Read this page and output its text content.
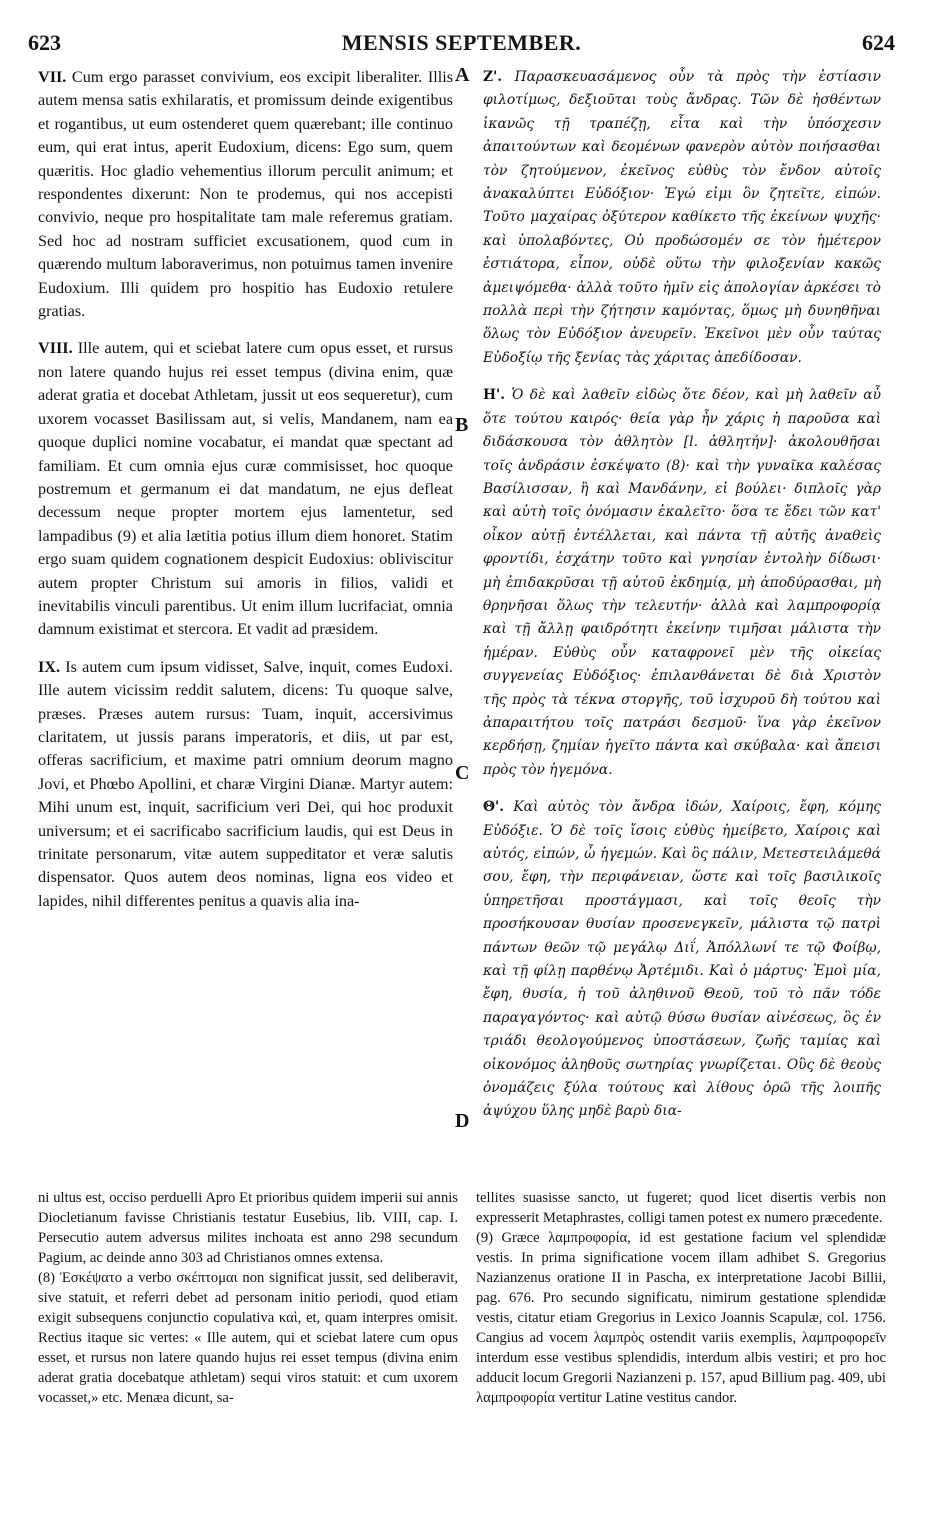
623	MENSIS SEPTEMBER.	624

VII. Cum ergo parasset convivium, eos excipit liberaliter. Illis autem mensa satis exhilaratis, et promissum deinde exigentibus et rogantibus, ut eum ostenderet quem quærebant; ille continuo eum, qui erat intus, aperit Eudoxium, dicens: Ego sum, quem quæritis. Hoc gladio vehementius illorum perculit animum; et respondentes dixerunt: Non te prodemus, qui nos accepisti convivio, neque pro hospitalitate tam male referemus gratiam. Sed hoc ad nostram sufficiet excusationem, quod cum in quærendo multum laboraverimus, non potuimus tamen invenire Eudoxium. Illi quidem pro hospitio has Eudoxio retulere gratias.

VIII. Ille autem, qui et sciebat latere cum opus esset, et rursus non latere quando hujus rei esset tempus (divina enim, quæ aderat gratia et docebat Athletam, jussit ut eos sequeretur), cum uxorem vocasset Basilissam aut, si velis, Mandanem, nam ea quoque duplici nomine vocabatur, ei mandat quæ spectant ad familiam. Et cum omnia ejus curæ commisisset, hoc quoque postremum et germanum ei dat mandatum, ne ejus defleat decessum neque propter mortem ejus lamentetur, sed lampadibus (9) et alia lætitia potius illum diem honoret. Statim ergo suam quidem cognationem despicit Eudoxius: obliviscitur autem propter Christum sui amoris in filios, validi et inevitabilis vinculi parentibus. Ut enim illum lucrifaciat, omnia damnum existimat et stercora. Et vadit ad præsidem.

IX. Is autem cum ipsum vidisset, Salve, inquit, comes Eudoxi. Ille autem vicissim reddit salutem, dicens: Tu quoque salve, præses. Præses autem rursus: Tuam, inquit, accersivimus claritatem, ut jussis parans imperatoris, et diis, ut par est, offeras sacrificium, et maxime patri omnium deorum magno Jovi, et Phœbo Apollini, et charæ Virgini Dianæ. Martyr autem: Mihi unum est, inquit, sacrificium veri Dei, qui hoc produxit universum; et ei sacrificabo sacrificium laudis, qui est Deus in trinitate personarum, vitæ autem suppeditator et veræ salutis dispensator. Quos autem deos nominas, ligna eos video et lapides, nihil differentes penitus a quavis alia ina-

Ζ'. Παρασκευασάμενος οὖν τὰ πρὸς τὴν ἑστίασιν φιλοτίμως, δεξιοῦται τοὺς ἄνδρας. Τῶν δὲ ἡσθέντων ἱκανῶς τῇ τραπέζῃ, εἶτα καὶ τὴν ὑπόσχεσιν ἀπαιτούντων καὶ δεομένων φανερὸν αὐτὸν ποιήσασθαι τὸν ζητούμενον, ἐκεῖνος εὐθὺς τὸν ἔνδον αὐτοῖς ἀνακαλύπτει Εὐδόξιον· Ἐγώ εἰμι ὃν ζητεῖτε, εἰπών. Τοῦτο μαχαίρας ὀξύτερον καθίκετο τῆς ἐκείνων ψυχῆς· καὶ ὑπολαβόντες, Οὐ προδώσομέν σε τὸν ἡμέτερον ἑστιάτορα, εἶπον, οὐδὲ οὕτω τὴν φιλοξενίαν κακῶς ἀμειψόμεθα· ἀλλὰ τοῦτο ἡμῖν εἰς ἀπολογίαν ἀρκέσει τὸ πολλὰ περὶ τὴν ζήτησιν καμόντας, ὅμως μὴ δυνηθῆναι ὅλως τὸν Εὐδόξιον ἀνευρεῖν. Ἐκεῖνοι μὲν οὖν ταύτας Εὐδοξίῳ τῆς ξενίας τὰς χάριτας ἀπεδίδοσαν.

Η'. Ὁ δὲ καὶ λαθεῖν εἰδὼς ὅτε δέον, καὶ μὴ λαθεῖν αὖ ὅτε τούτου καιρός· θεία γὰρ ἦν χάρις ἡ παροῦσα καὶ διδάσκουσα τὸν ἀθλητὸν [l. ἀθλητήν]· ἀκολουθῆσαι τοῖς ἀνδράσιν ἐσκέψατο (8)· καὶ τὴν γυναῖκα καλέσας Βασίλισσαν, ἢ καὶ Μανδάνην, εἰ βούλει· διπλοῖς γὰρ καὶ αὐτὴ τοῖς ὀνόμασιν ἐκαλεῖτο· ὅσα τε ἔδει τῶν κατ' οἶκον αὐτῇ ἐντέλλεται, καὶ πάντα τῇ αὐτῆς ἀναθεὶς φροντίδι, ἐσχάτην τοῦτο καὶ γνησίαν ἐντολὴν δίδωσι· μὴ ἐπιδακρῦσαι τῇ αὐτοῦ ἐκδημίᾳ, μὴ ἀποδύρασθαι, μὴ θρηνῆσαι ὅλως τὴν τελευτήν· ἀλλὰ καὶ λαμπροφορίᾳ καὶ τῇ ἄλλῃ φαιδρότητι ἐκείνην τιμῆσαι μάλιστα τὴν ἡμέραν. Εὐθὺς οὖν καταφρονεῖ μὲν τῆς οἰκείας συγγενείας Εὐδόξιος· ἐπιλανθάνεται δὲ διὰ Χριστὸν τῆς πρὸς τὰ τέκνα στοργῆς, τοῦ ἰσχυροῦ δὴ τούτου καὶ ἀπαραιτήτου τοῖς πατράσι δεσμοῦ· ἵνα γὰρ ἐκεῖνον κερδήσῃ, ζημίαν ἡγεῖτο πάντα καὶ σκύβαλα· καὶ ἄπεισι πρὸς τὸν ἡγεμόνα.

Θ'. Καὶ αὐτὸς τὸν ἄνδρα ἰδών, Χαίροις, ἔφη, κόμης Εὐδόξιε. Ὁ δὲ τοῖς ἴσοις εὐθὺς ἠμείβετο, Χαίροις καὶ αὐτός, εἰπών, ὦ ἡγεμών. Καὶ ὃς πάλιν, Μετεστειλάμεθά σου, ἔφη, τὴν περιφάνειαν, ὥστε καὶ τοῖς βασιλικοῖς ὑπηρετῆσαι προστάγμασι, καὶ τοῖς θεοῖς τὴν προσήκουσαν θυσίαν προσενεγκεῖν, μάλιστα τῷ πατρὶ πάντων θεῶν τῷ μεγάλῳ Διΐ, Ἀπόλλωνί τε τῷ Φοίβῳ, καὶ τῇ φίλῃ παρθένῳ Ἀρτέμιδι. Καὶ ὁ μάρτυς· Ἐμοὶ μία, ἔφη, θυσία, ἡ τοῦ ἀληθινοῦ Θεοῦ, τοῦ τὸ πᾶν τόδε παραγαγόντος· καὶ αὐτῷ θύσω θυσίαν αἰνέσεως, ὃς ἐν τριάδι θεολογούμενος ὑποστάσεων, ζωῆς ταμίας καὶ οἰκονόμος ἀληθοῦς σωτηρίας γνωρίζεται. Οὓς δὲ θεοὺς ὀνομάζεις ξύλα τούτους καὶ λίθους ὁρῶ τῆς λοιπῆς ἀψύχου ὕλης μηδὲ βαρὺ δια-

A
B
C
D

ni ultus est, occiso perduelli Apro Et prioribus quidem imperii sui annis Diocletianum favisse Christianis testatur Eusebius, lib. VIII, cap. I. Persecutio autem adversus milites inchoata est anno 298 secundum Pagium, ac deinde anno 303 ad Christianos omnes extensa.

(8) Ἐσκέψατο a verbo σκέπτομαι non significat jussit, sed deliberavit, sive statuit, et referri debet ad personam initio periodi, quod etiam exigit subsequens conjunctio copulativa καὶ, et, quam interpres omisit. Rectius itaque sic vertes: « Ille autem, qui et sciebat latere cum opus esset, et rursus non latere quando hujus rei esset tempus (divina enim aderat gratia docebatque athletam) sequi viros statuit: et cum uxorem vocasset,» etc. Menæa dicunt, sa-

tellites suasisse sancto, ut fugeret; quod licet disertis verbis non expresserit Metaphrastes, colligi tamen potest ex numero præcedente.

(9) Græce λαμπροφορία, id est gestatione facium vel splendidæ vestis. In prima significatione vocem illam adhibet S. Gregorius Nazianzenus oratione II in Pascha, ex interpretatione Jacobi Billii, pag. 676. Pro secundo significatu, nimirum gestatione splendidæ vestis, citatur etiam Gregorius in Lexico Joannis Scapulæ, col. 1756. Cangius ad vocem λαμπρὸς ostendit variis exemplis, λαμπροφορεῖν interdum esse vestibus splendidis, interdum albis vestiri; et pro hoc adducit locum Gregorii Nazianzeni p. 157, apud Billium pag. 409, ubi λαμπροφορία vertitur Latine vestitus candor.
